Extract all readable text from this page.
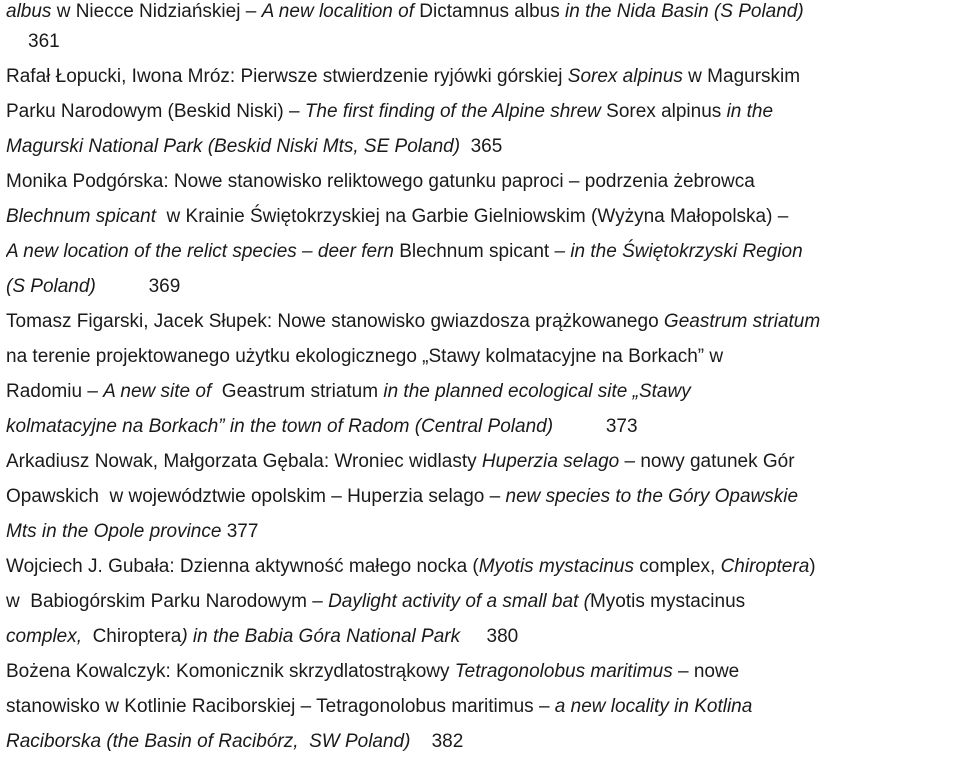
albus w Niecce Nidziańskiej – A new localition of Dictamnus albus in the Nida Basin (S Poland)
361
Rafał Łopucki, Iwona Mróz: Pierwsze stwierdzenie ryjówki górskiej Sorex alpinus w Magurskim
Parku Narodowym (Beskid Niski) – The first finding of the Alpine shrew Sorex alpinus in the
Magurski National Park (Beskid Niski Mts, SE Poland)  365
Monika Podgórska: Nowe stanowisko reliktowego gatunku paproci – podrzenia żebrowca
Blechnum spicant  w Krainie Świętokrzyskiej na Garbie Gielniowskim (Wyżyna Małopolska) –
A new location of the relict species – deer fern Blechnum spicant – in the Świętokrzyski Region
(S Poland)          369
Tomasz Figarski, Jacek Słupek: Nowe stanowisko gwiazdosza prążkowanego Geastrum striatum
na terenie projektowanego użytku ekologicznego „Stawy kolmatacyjne na Borkach” w
Radomiu – A new site of  Geastrum striatum in the planned ecological site „Stawy
kolmatacyjne na Borkach” in the town of Radom (Central Poland)          373
Arkadiusz Nowak, Małgorzata Gębala: Wroniec widlasty Huperzia selago – nowy gatunek Gór
Opawskich  w województwie opolskim – Huperzia selago – new species to the Góry Opawskie
Mts in the Opole province 377
Wojciech J. Gubała: Dzienna aktywność małego nocka (Myotis mystacinus complex, Chiroptera)
w  Babiogórskim Parku Narodowym – Daylight activity of a small bat (Myotis mystacinus
complex,  Chiroptera) in the Babia Góra National Park     380
Bożena Kowalczyk: Komonicznik skrzydlatostrąkowy Tetragonolobus maritimus – nowe
stanowisko w Kotlinie Raciborskiej – Tetragonolobus maritimus – a new locality in Kotlina
Raciborska (the Basin of Racibórz,  SW Poland)    382
